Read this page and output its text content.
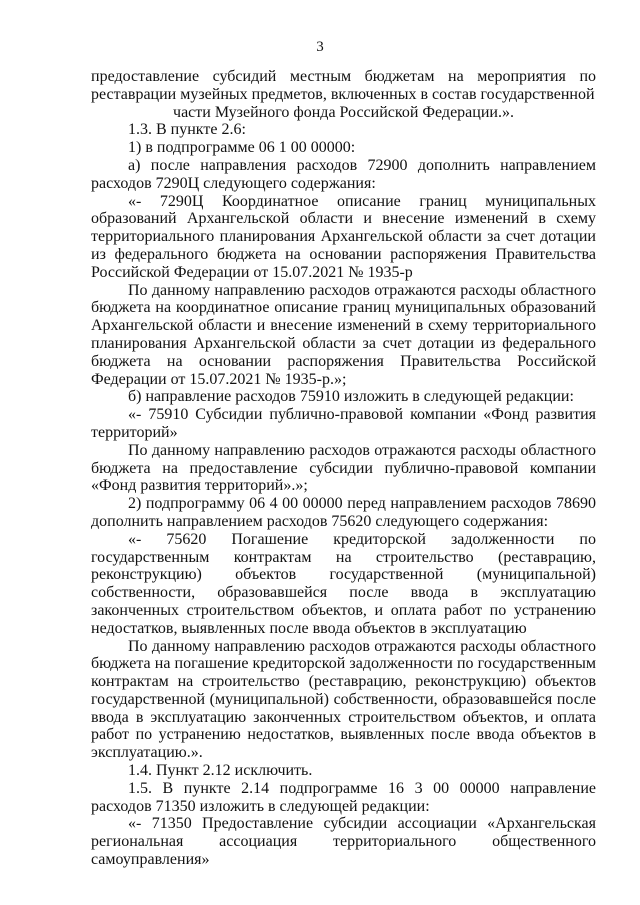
3

предоставление субсидий местным бюджетам на мероприятия по реставрации музейных предметов, включенных в состав государственной

части Музейного фонда Российской Федерации.».

1.3. В пункте 2.6:

1) в подпрограмме 06 1 00 00000:

а) после направления расходов 72900 дополнить направлением расходов 7290Ц следующего содержания:

«- 7290Ц Координатное описание границ муниципальных образований Архангельской области и внесение изменений в схему территориального планирования Архангельской области за счет дотации из федерального бюджета на основании распоряжения Правительства Российской Федерации от 15.07.2021 № 1935-р

По данному направлению расходов отражаются расходы областного бюджета на координатное описание границ муниципальных образований Архангельской области и внесение изменений в схему территориального планирования Архангельской области за счет дотации из федерального бюджета на основании распоряжения Правительства Российской Федерации от 15.07.2021 № 1935-р.»;

б) направление расходов 75910 изложить в следующей редакции:

«- 75910 Субсидии публично-правовой компании «Фонд развития территорий»

По данному направлению расходов отражаются расходы областного бюджета на предоставление субсидии публично-правовой компании «Фонд развития территорий».»;

2) подпрограмму 06 4 00 00000 перед направлением расходов 78690 дополнить направлением расходов 75620 следующего содержания:

«- 75620 Погашение кредиторской задолженности по государственным контрактам на строительство (реставрацию, реконструкцию) объектов государственной (муниципальной) собственности, образовавшейся после ввода в эксплуатацию законченных строительством объектов, и оплата работ по устранению недостатков, выявленных после ввода объектов в эксплуатацию

По данному направлению расходов отражаются расходы областного бюджета на погашение кредиторской задолженности по государственным контрактам на строительство (реставрацию, реконструкцию) объектов государственной (муниципальной) собственности, образовавшейся после ввода в эксплуатацию законченных строительством объектов, и оплата работ по устранению недостатков, выявленных после ввода объектов в эксплуатацию.».

1.4. Пункт 2.12 исключить.

1.5. В пункте 2.14 подпрограмме 16 3 00 00000 направление расходов 71350 изложить в следующей редакции:

«- 71350 Предоставление субсидии ассоциации «Архангельская региональная ассоциация территориального общественного самоуправления»
